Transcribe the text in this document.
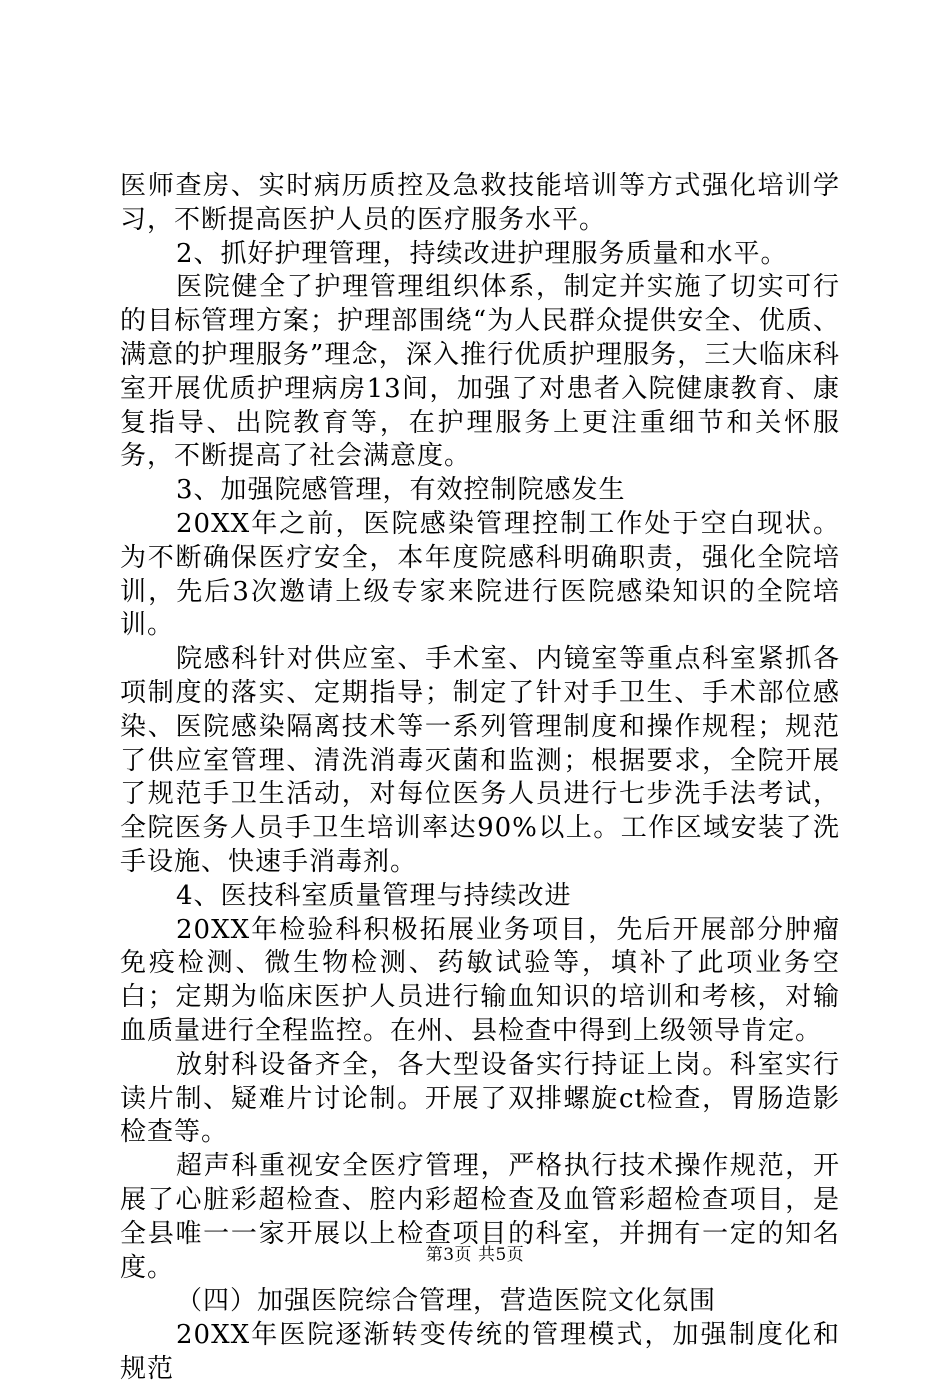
医师查房、实时病历质控及急救技能培训等方式强化培训学习，不断提高医护人员的医疗服务水平。

2、抓好护理管理，持续改进护理服务质量和水平。

医院健全了护理管理组织体系，制定并实施了切实可行的目标管理方案；护理部围绕“为人民群众提供安全、优质、满意的护理服务”理念，深入推行优质护理服务，三大临床科室开展优质护理病房13间，加强了对患者入院健康教育、康复指导、出院教育等，在护理服务上更注重细节和关怀服务，不断提高了社会满意度。

3、加强院感管理，有效控制院感发生

20XX年之前，医院感染管理控制工作处于空白现状。为不断确保医疗安全，本年度院感科明确职责，强化全院培训，先后3次邀请上级专家来院进行医院感染知识的全院培训。

院感科针对供应室、手术室、内镜室等重点科室紧抓各项制度的落实、定期指导；制定了针对手卫生、手术部位感染、医院感染隔离技术等一系列管理制度和操作规程；规范了供应室管理、清洗消毒灭菌和监测；根据要求，全院开展了规范手卫生活动，对每位医务人员进行七步洗手法考试，全院医务人员手卫生培训率达90%以上。工作区域安装了洗手设施、快速手消毒剂。

4、医技科室质量管理与持续改进

20XX年检验科积极拓展业务项目，先后开展部分肿瘤免疫检测、微生物检测、药敏试验等，填补了此项业务空白；定期为临床医护人员进行输血知识的培训和考核，对输血质量进行全程监控。在州、县检查中得到上级领导肯定。

放射科设备齐全，各大型设备实行持证上岗。科室实行读片制、疑难片讨论制。开展了双排螺旋ct检查，胃肠造影检查等。

超声科重视安全医疗管理，严格执行技术操作规范，开展了心脏彩超检查、腔内彩超检查及血管彩超检查项目，是全县唯一一家开展以上检查项目的科室，并拥有一定的知名度。

（四）加强医院综合管理，营造医院文化氛围

20XX年医院逐渐转变传统的管理模式，加强制度化和规范

第3页 共5页
